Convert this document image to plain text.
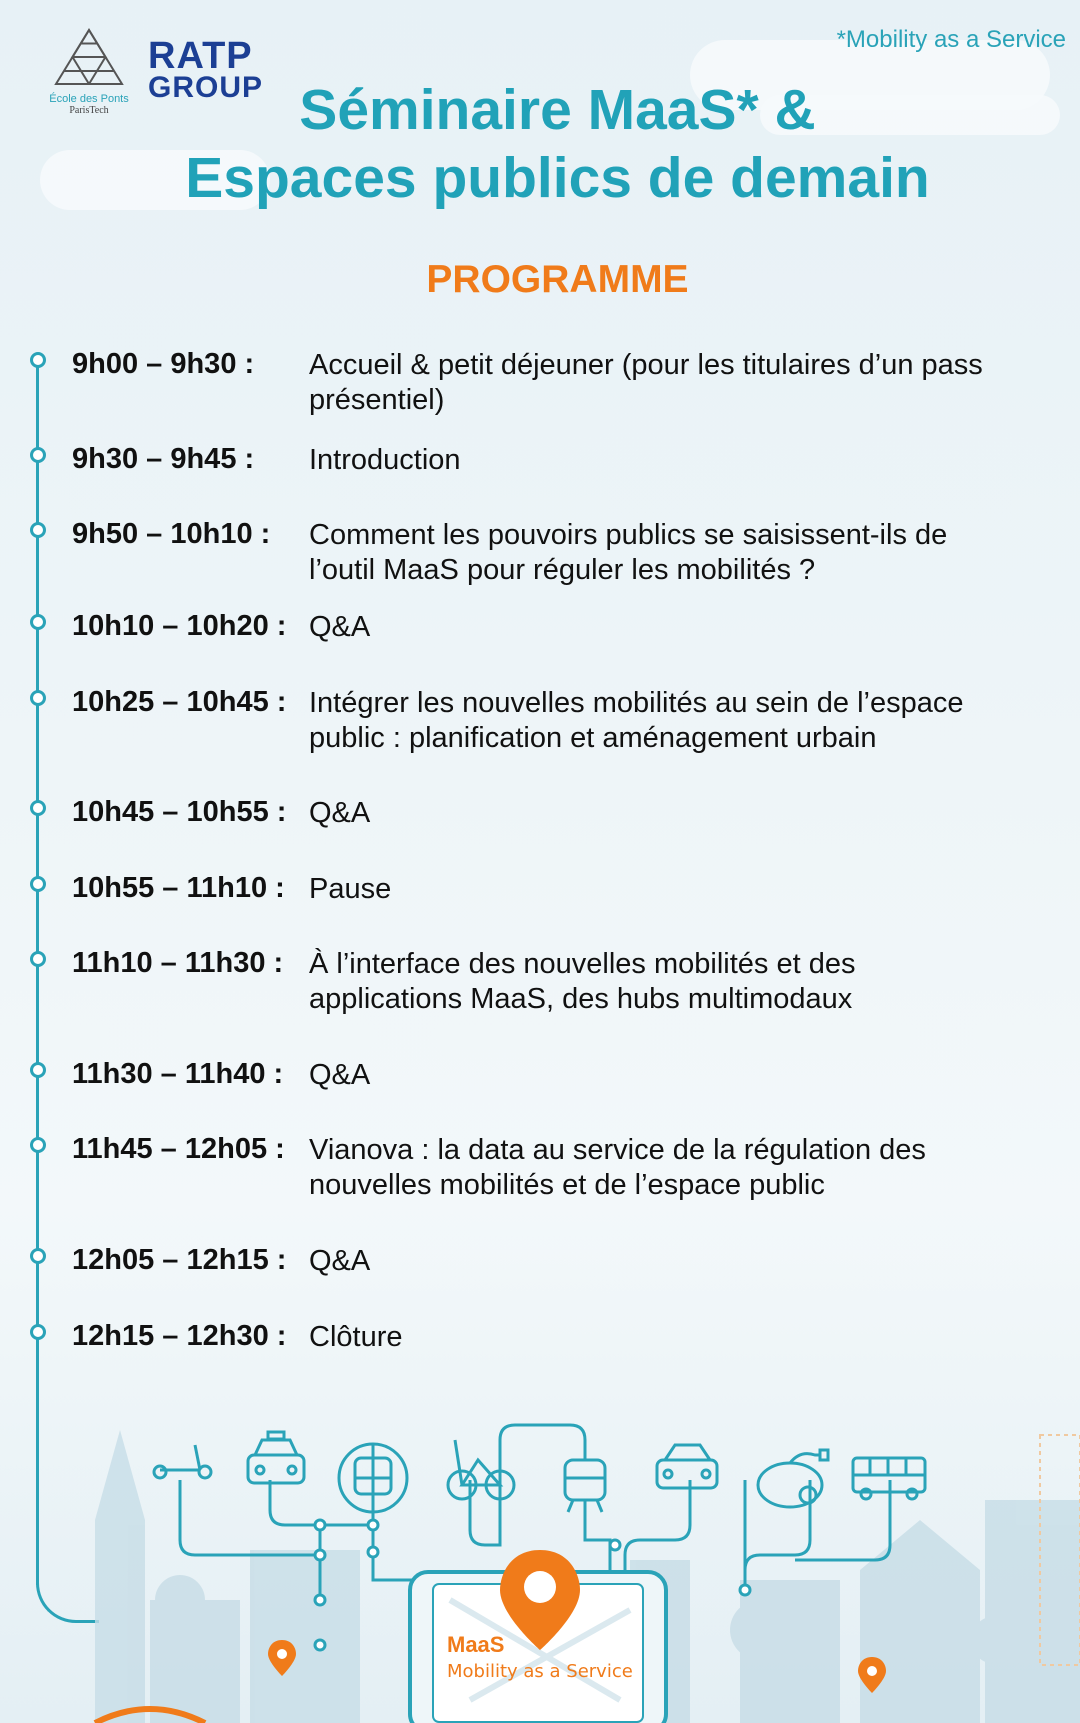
*Mobility as a Service
École des Ponts
ParisTech
RATP
GROUP Séminaire MaaS* &
Espaces publics de demain
PROGRAMME
9h00 – 9h30 : Accueil & petit déjeuner (pour les titulaires d’un pass présentiel)
9h30 – 9h45 : Introduction
9h50 – 10h10 : Comment les pouvoirs publics se saisissent-ils de l’outil MaaS pour réguler les mobilités ?
10h10 – 10h20 : Q&A
10h25 – 10h45 : Intégrer les nouvelles mobilités au sein de l’espace public : planification et aménagement urbain
10h45 – 10h55 : Q&A
10h55 – 11h10 : Pause
11h10 – 11h30 : À l’interface des nouvelles mobilités et des applications MaaS, des hubs multimodaux
11h30 – 11h40 : Q&A
11h45 – 12h05 : Vianova : la data au service de la régulation des nouvelles mobilités et de l’espace public
12h05 – 12h15 : Q&A
12h15 – 12h30 : Clôture
MaaS
Mobility as a Service
